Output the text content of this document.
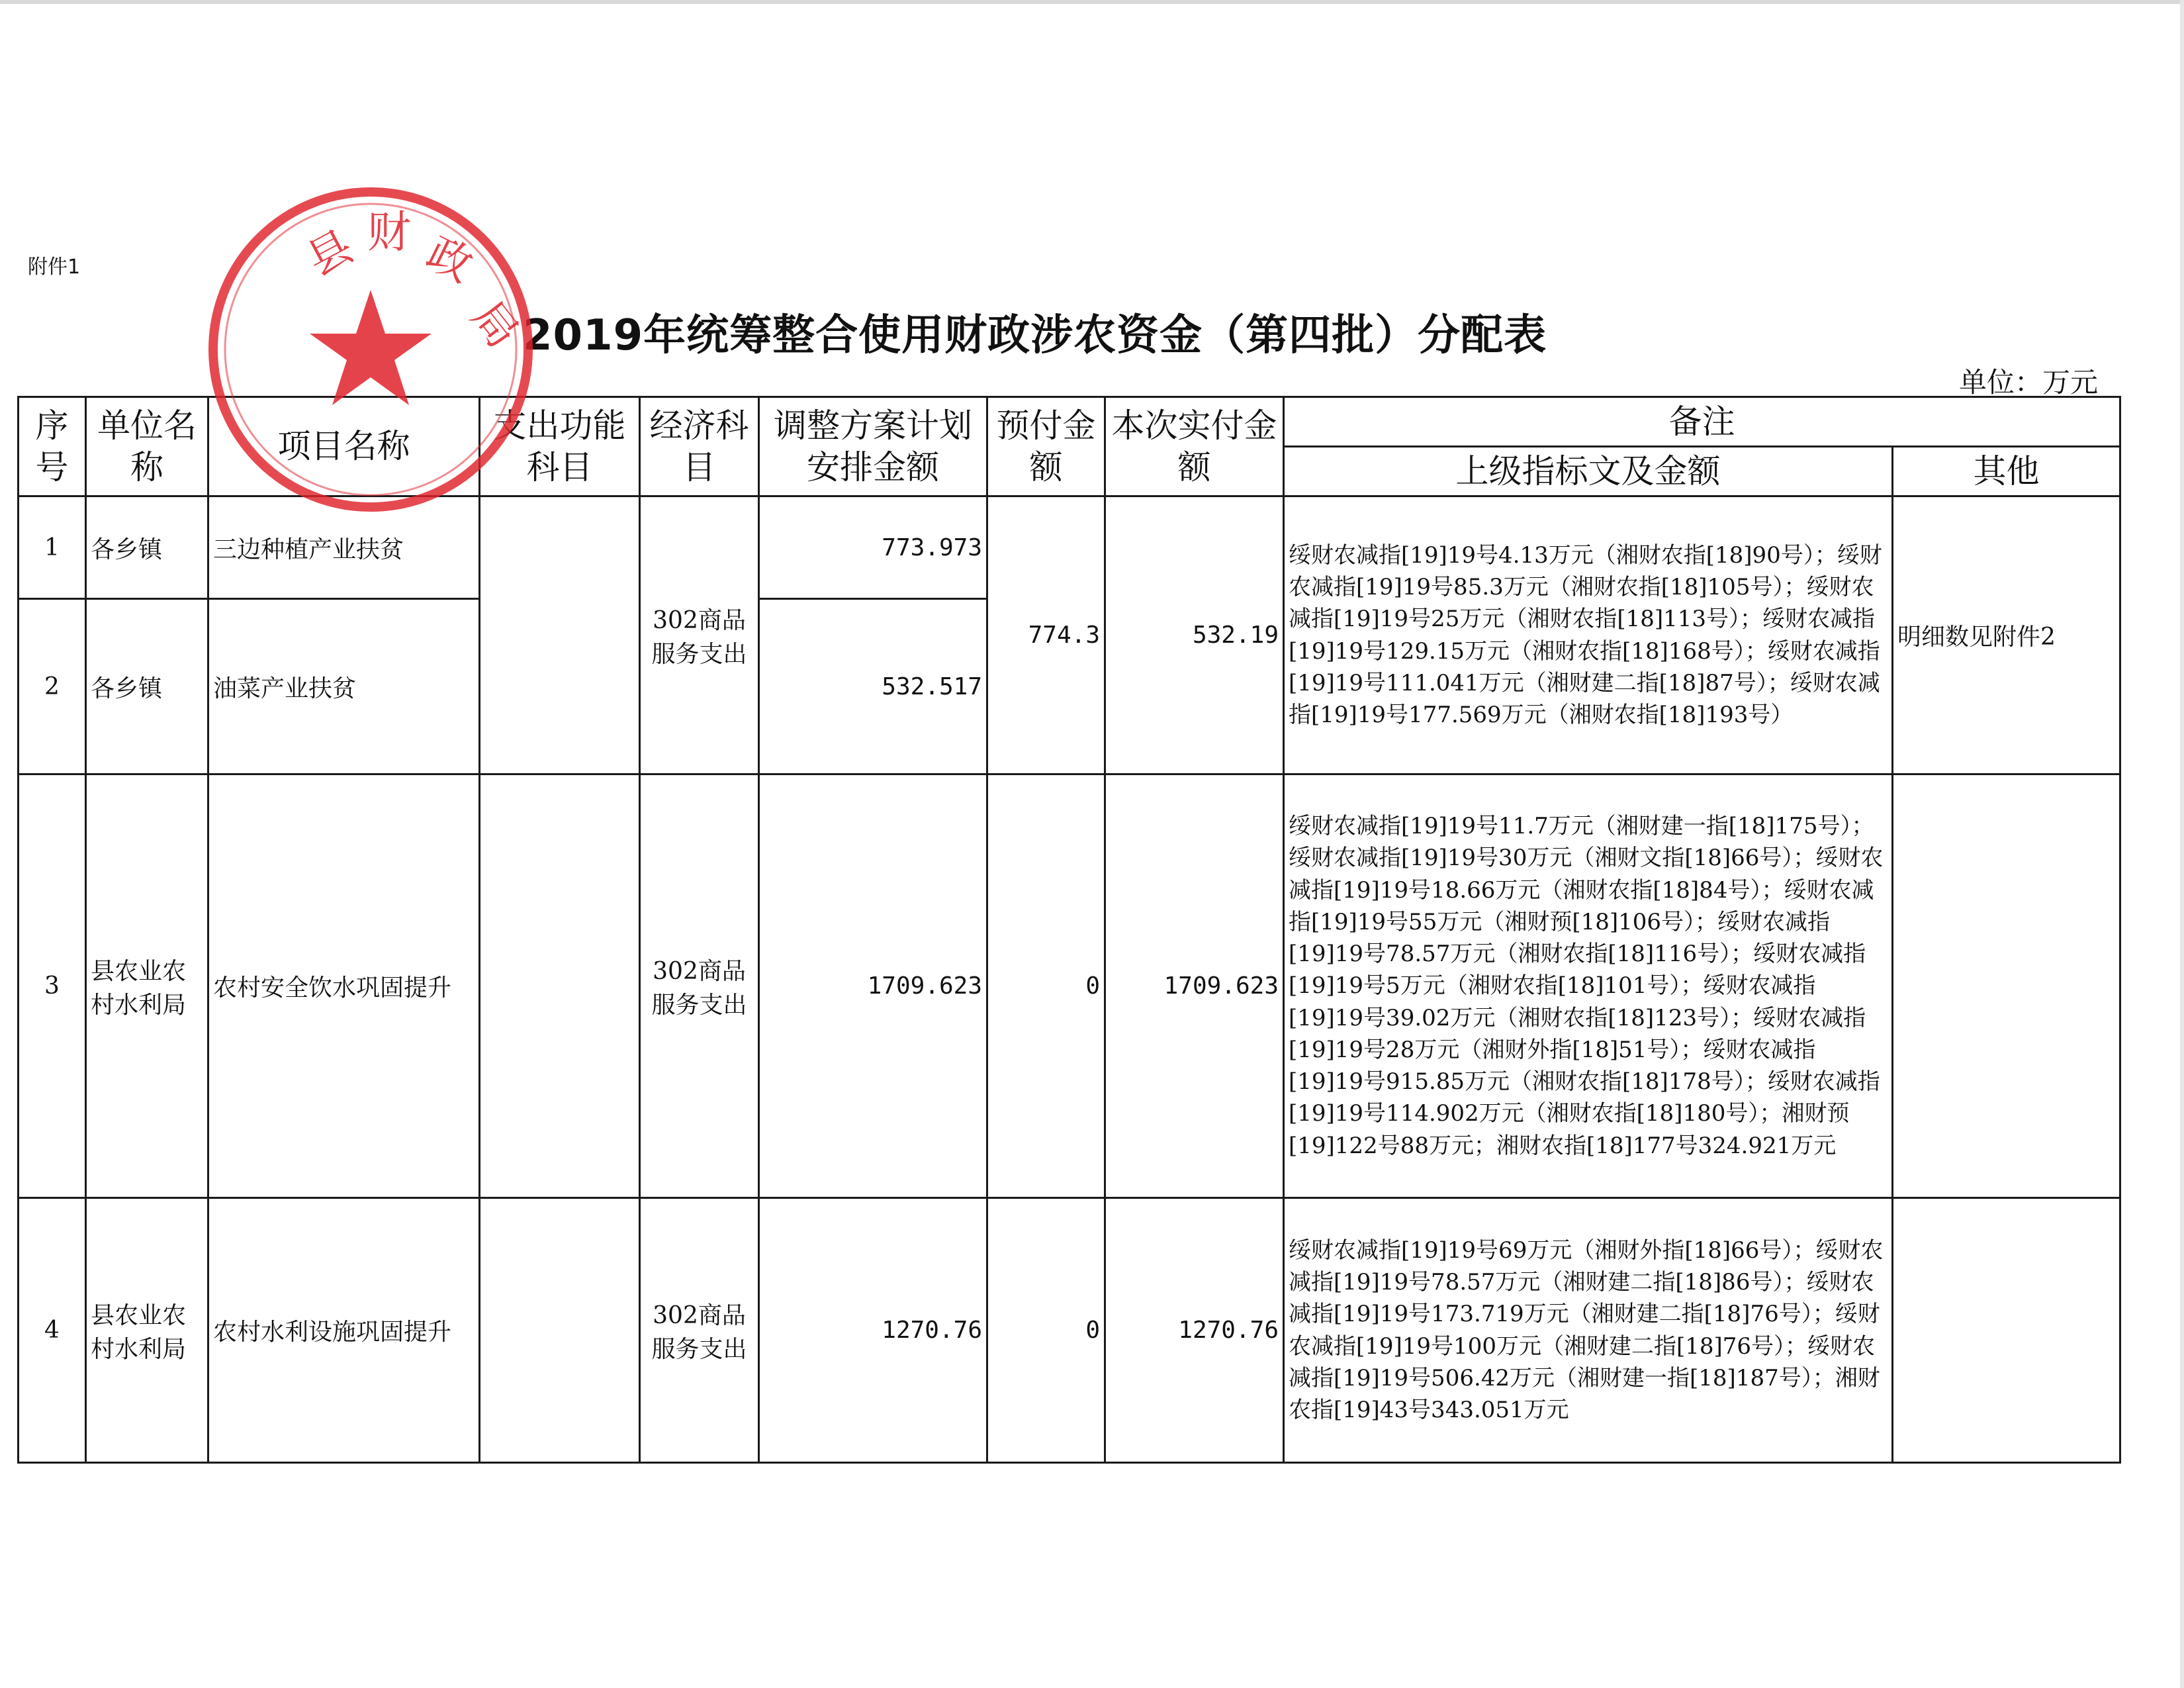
附件1
2019年统筹整合使用财政涉农资金（第四批）分配表
单位：万元
序号	单位名称	项目名称	支出功能科目	经济科目	调整方案计划安排金额	预付金额	本次实付金额	备注	
								上级指标文及金额	其他
1	各乡镇	三边种植产业扶贫		302商品服务支出	773.973	774.3	532.19	绥财农减指[19]19号4.13万元（湘财农指[18]90号）；绥财农减指[19]19号85.3万元（湘财农指[18]105号）；绥财农减指[19]19号25万元（湘财农指[18]113号）；绥财农减指[19]19号129.15万元（湘财农指[18]168号）；绥财农减指[19]19号111.041万元（湘财建二指[18]87号）；绥财农减指[19]19号177.569万元（湘财农指[18]193号）	明细数见附件2
2	各乡镇	油菜产业扶贫			532.517				
3	县农业农村水利局	农村安全饮水巩固提升		302商品服务支出	1709.623	0	1709.623	绥财农减指[19]19号11.7万元（湘财建一指[18]175号）；绥财农减指[19]19号30万元（湘财文指[18]66号）；绥财农减指[19]19号18.66万元（湘财农指[18]84号）；绥财农减指[19]19号55万元（湘财预[18]106号）；绥财农减指[19]19号78.57万元（湘财农指[18]116号）；绥财农减指[19]19号5万元（湘财农指[18]101号）；绥财农减指[19]19号39.02万元（湘财农指[18]123号）；绥财农减指[19]19号28万元（湘财外指[18]51号）；绥财农减指[19]19号915.85万元（湘财农指[18]178号）；绥财农减指[19]19号114.902万元（湘财农指[18]180号）；湘财预[19]122号88万元；湘财农指[18]177号324.921万元	
4	县农业农村水利局	农村水利设施巩固提升		302商品服务支出	1270.76	0	1270.76	绥财农减指[19]19号69万元（湘财外指[18]66号）；绥财农减指[19]19号78.57万元（湘财建二指[18]86号）；绥财农减指[19]19号173.719万元（湘财建二指[18]76号）；绥财农减指[19]19号100万元（湘财建二指[18]76号）；绥财农减指[19]19号506.42万元（湘财建一指[18]187号）；湘财农指[19]43号343.051万元	
县 财 政
局
